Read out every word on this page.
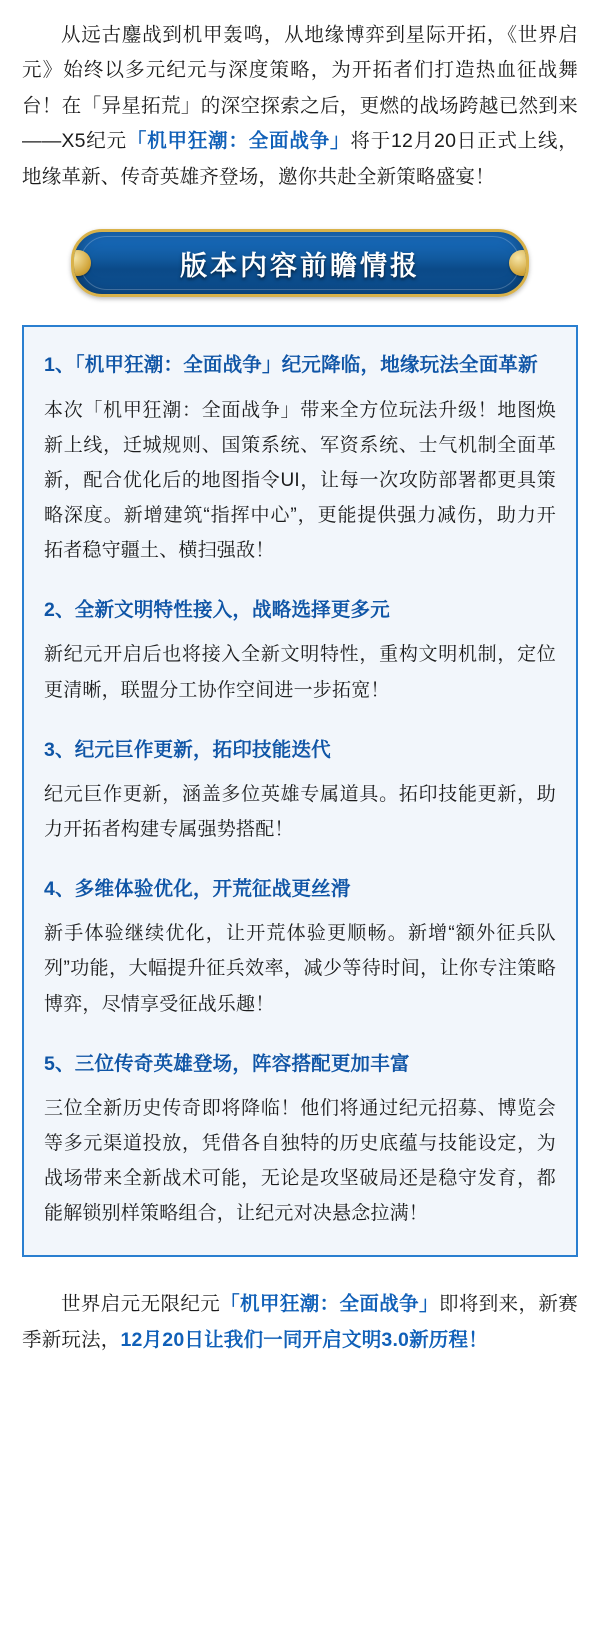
从远古鏖战到机甲轰鸣，从地缘博弈到星际开拓，《世界启元》始终以多元纪元与深度策略，为开拓者们打造热血征战舞台！在「异星拓荒」的深空探索之后，更燃的战场跨越已然到来——X5纪元「机甲狂潮：全面战争」将于12月20日正式上线，地缘革新、传奇英雄齐登场，邀你共赴全新策略盛宴！

版本内容前瞻情报
1、「机甲狂潮：全面战争」纪元降临，地缘玩法全面革新

本次「机甲狂潮：全面战争」带来全方位玩法升级！地图焕新上线，迁城规则、国策系统、军资系统、士气机制全面革新，配合优化后的地图指令UI，让每一次攻防部署都更具策略深度。新增建筑“指挥中心”，更能提供强力减伤，助力开拓者稳守疆土、横扫强敌！

2、全新文明特性接入，战略选择更多元

新纪元开启后也将接入全新文明特性，重构文明机制，定位更清晰，联盟分工协作空间进一步拓宽！

3、纪元巨作更新，拓印技能迭代

纪元巨作更新，涵盖多位英雄专属道具。拓印技能更新，助力开拓者构建专属强势搭配！

4、多维体验优化，开荒征战更丝滑

新手体验继续优化，让开荒体验更顺畅。新增“额外征兵队列”功能，大幅提升征兵效率，减少等待时间，让你专注策略博弈，尽情享受征战乐趣！

5、三位传奇英雄登场，阵容搭配更加丰富

三位全新历史传奇即将降临！他们将通过纪元招募、博览会等多元渠道投放，凭借各自独特的历史底蕴与技能设定，为战场带来全新战术可能，无论是攻坚破局还是稳守发育，都能解锁别样策略组合，让纪元对决悬念拉满！

世界启元无限纪元「机甲狂潮：全面战争」即将到来，新赛季新玩法，12月20日让我们一同开启文明3.0新历程！
